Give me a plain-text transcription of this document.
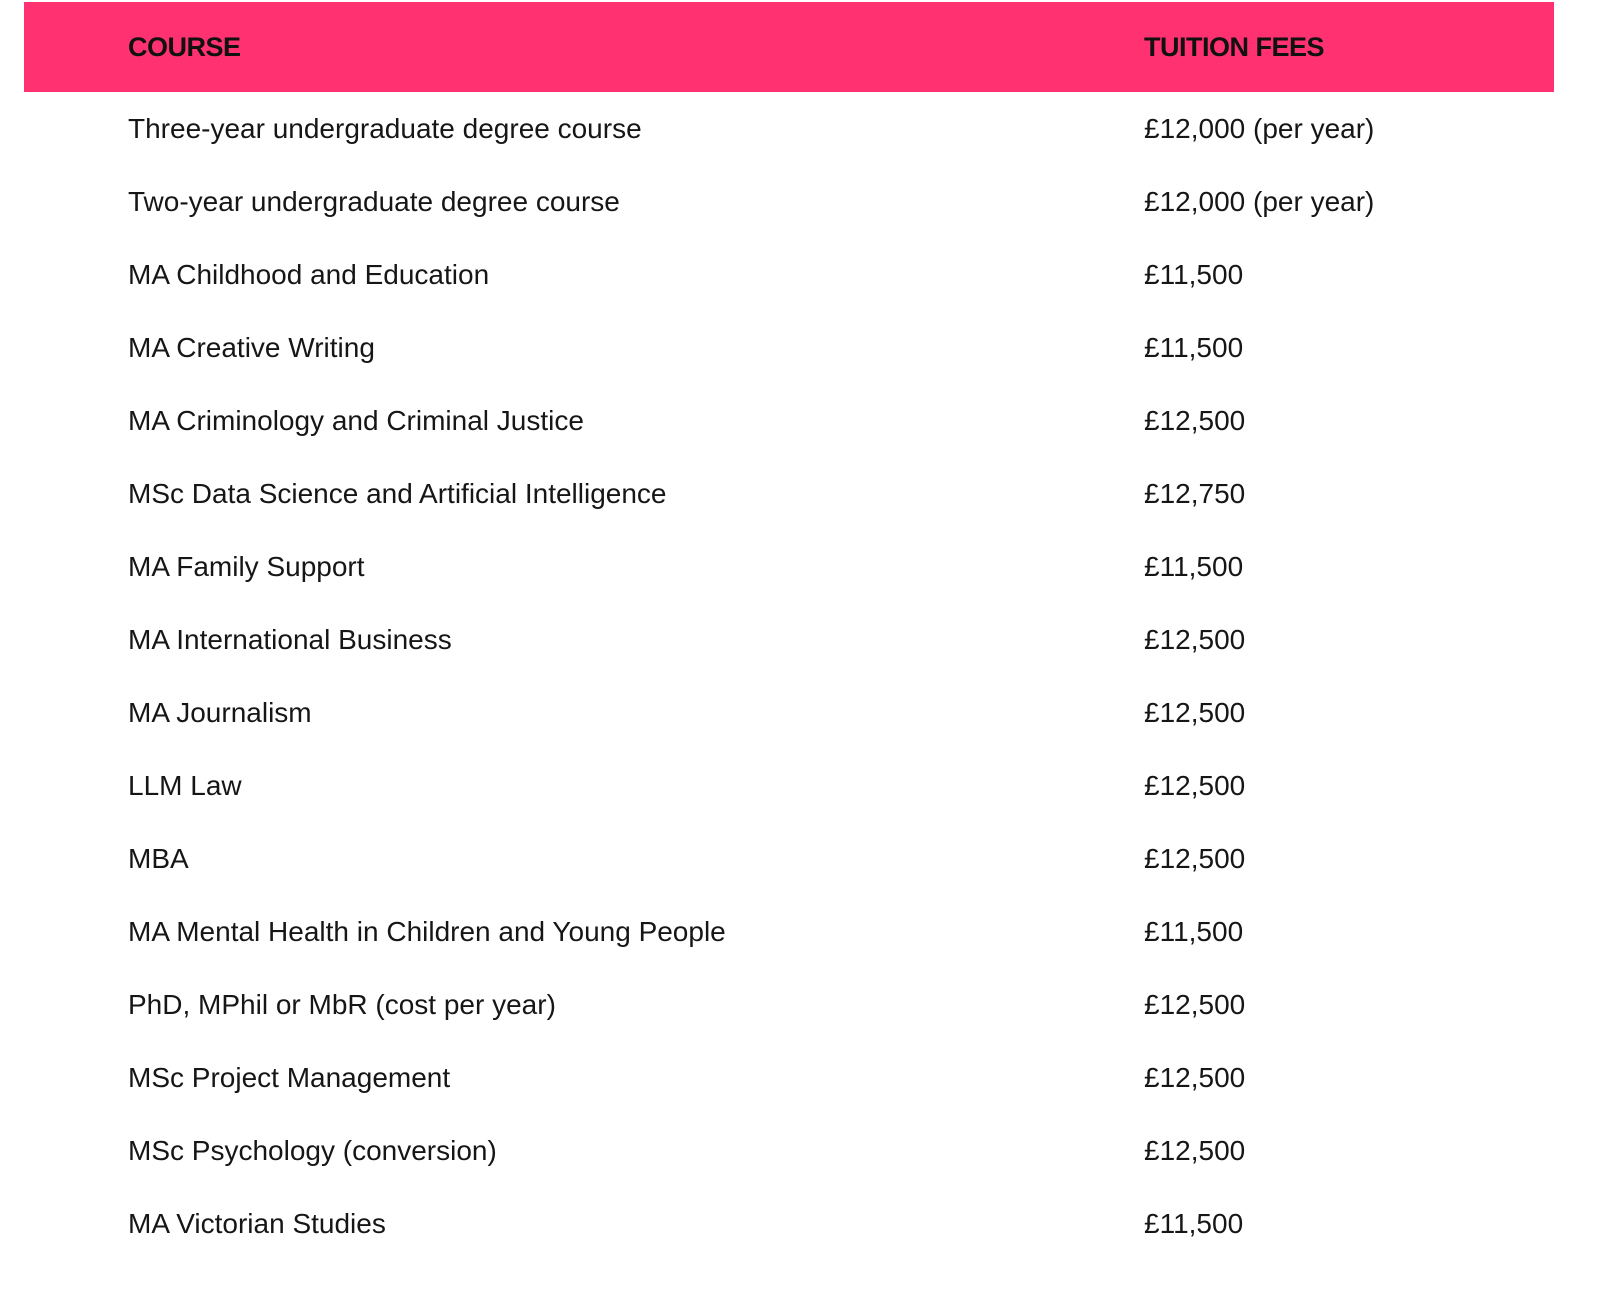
COURSE	TUITION FEES
Three-year undergraduate degree course	£12,000 (per year)
Two-year undergraduate degree course	£12,000 (per year)
MA Childhood and Education	£11,500
MA Creative Writing	£11,500
MA Criminology and Criminal Justice	£12,500
MSc Data Science and Artificial Intelligence	£12,750
MA Family Support	£11,500
MA International Business	£12,500
MA Journalism	£12,500
LLM Law	£12,500
MBA	£12,500
MA Mental Health in Children and Young People	£11,500
PhD, MPhil or MbR (cost per year)	£12,500
MSc Project Management	£12,500
MSc Psychology (conversion)	£12,500
MA Victorian Studies	£11,500
